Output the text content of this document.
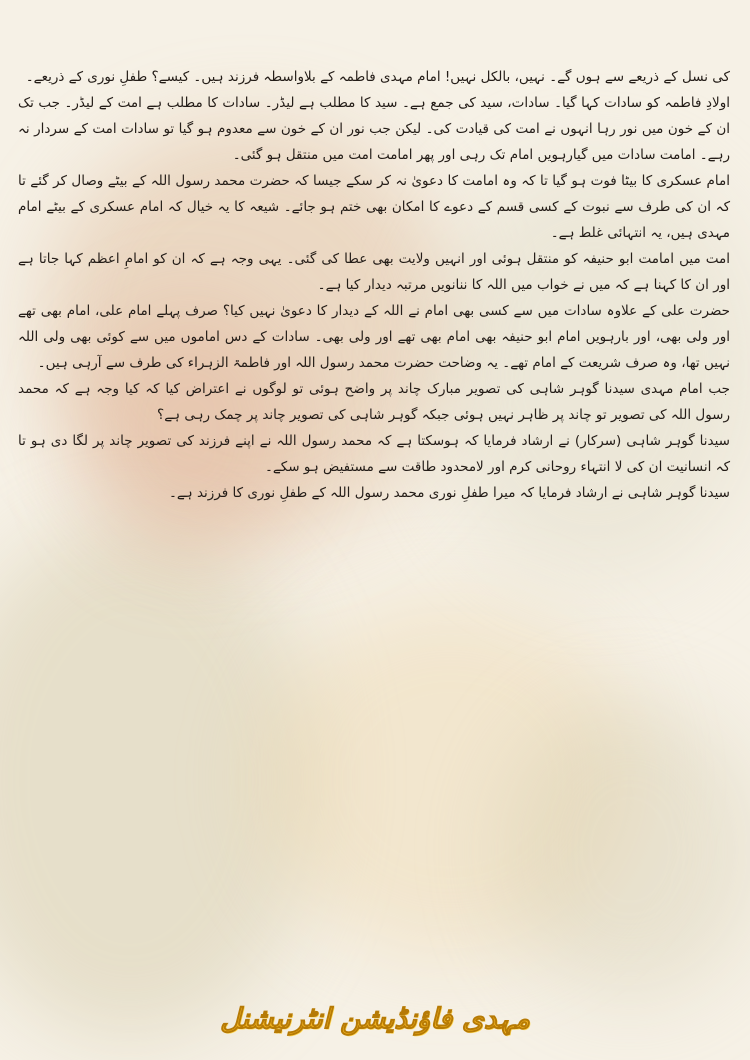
کی نسل کے ذریعے سے ہوں گے۔ نہیں، بالکل نہیں! امام مہدی فاطمہ کے بلاواسطہ فرزند ہیں۔ کیسے؟ طفلِ نوری کے ذریعے۔

اولادِ فاطمہ کو سادات کہا گیا۔ سادات، سید کی جمع ہے۔ سید کا مطلب ہے لیڈر۔ سادات کا مطلب ہے امت کے لیڈر۔ جب تک ان کے خون میں نور رہا انہوں نے امت کی قیادت کی۔ لیکن جب نور ان کے خون سے معدوم ہو گیا تو سادات امت کے سردار نہ رہے۔ امامت سادات میں گیارہویں امام تک رہی اور پھر امامت امت میں منتقل ہو گئی۔

امام عسکری کا بیٹا فوت ہو گیا تا کہ وہ امامت کا دعویٰ نہ کر سکے جیسا کہ حضرت محمد رسول اللہ کے بیٹے وصال کر گئے تا کہ ان کی طرف سے نبوت کے کسی قسم کے دعوے کا امکان بھی ختم ہو جائے۔ شیعہ کا یہ خیال کہ امام عسکری کے بیٹے امام مہدی ہیں، یہ انتہائی غلط ہے۔

امت میں امامت ابو حنیفہ کو منتقل ہوئی اور انہیں ولایت بھی عطا کی گئی۔ یہی وجہ ہے کہ ان کو امامِ اعظم کہا جاتا ہے اور ان کا کہنا ہے کہ میں نے خواب میں اللہ کا ننانویں مرتبہ دیدار کیا ہے۔

حضرت علی کے علاوہ سادات میں سے کسی بھی امام نے اللہ کے دیدار کا دعویٰ نہیں کیا؟ صرف پہلے امام علی، امام بھی تھے اور ولی بھی، اور بارہویں امام ابو حنیفہ بھی امام بھی تھے اور ولی بھی۔ سادات کے دس اماموں میں سے کوئی بھی ولی اللہ نہیں تھا، وہ صرف شریعت کے امام تھے۔ یہ وضاحت حضرت محمد رسول اللہ اور فاطمۃ الزہراء کی طرف سے آرہی ہیں۔

جب امام مہدی سیدنا گوہر شاہی کی تصویر مبارک چاند پر واضح ہوئی تو لوگوں نے اعتراض کیا کہ کیا وجہ ہے کہ محمد رسول اللہ کی تصویر تو چاند پر ظاہر نہیں ہوئی جبکہ گوہر شاہی کی تصویر چاند پر چمک رہی ہے؟

سیدنا گوہر شاہی (سرکار) نے ارشاد فرمایا کہ ہوسکتا ہے کہ محمد رسول اللہ نے اپنے فرزند کی تصویر چاند پر لگا دی ہو تا کہ انسانیت ان کی لا انتہاء روحانی کرم اور لامحدود طاقت سے مستفیض ہو سکے۔

سیدنا گوہر شاہی نے ارشاد فرمایا کہ میرا طفلِ نوری محمد رسول اللہ کے طفلِ نوری کا فرزند ہے۔

مہدی فاؤنڈیشن انٹرنیشنل
